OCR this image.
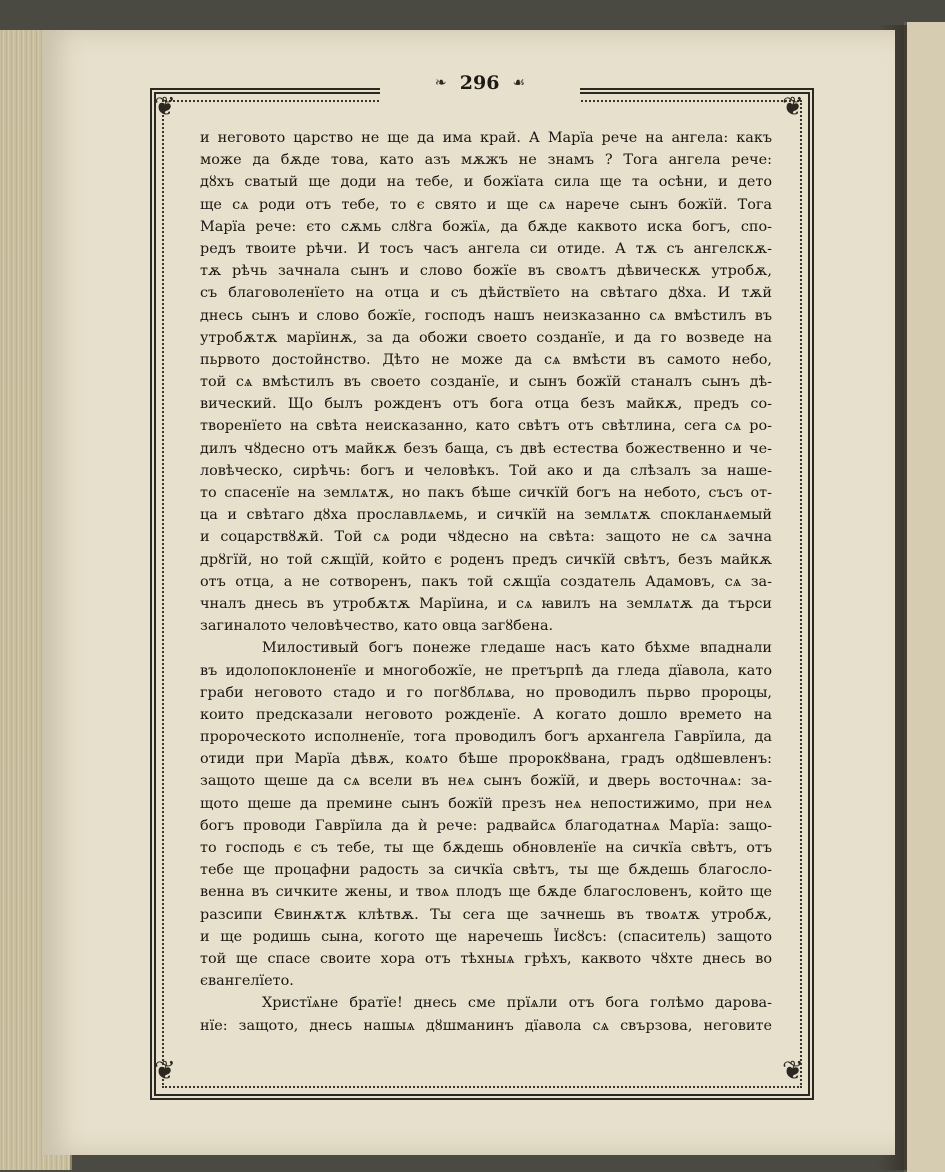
❦	❦
❦	❦
❧ 296 ☙
и неговото царство не ще да има край. А Марïа рече на ангела: какъ
може да бѫде това, като азъ мѫжъ не знамъ ? Тога ангела рече:
дȣхъ сватый ще доди на тебе, и божïата сила ще та осѣни, и дето
ще сѧ роди отъ тебе, то є свято и ще сѧ нарече сынъ божïй. Тога
Марïа рече: єто сѫмь слȣга божïѧ, да бѫде каквото иска богъ, спо-
редъ твоите рѣчи. И тосъ часъ ангела си отиде. А тѫ съ ангелскѫ-
тѫ рѣчь зачнала сынъ и слово божïе въ своѧтъ дѣвическѫ утробѫ,
съ благоволенïето на отца и съ дѣйствïето на свѣтаго дȣха. И тѫй
днесь сынъ и слово божïе, господъ нашъ неизказанно сѧ вмѣстилъ въ
утробѫтѫ марïинѫ, за да обожи своето созданïе, и да го возведе на
пьрвото достойнство. Дѣто не може да сѧ вмѣсти въ самото небо,
той сѧ вмѣстилъ въ своето созданïе, и сынъ божïй станалъ сынъ дѣ-
вический. Що былъ рожденъ отъ бога отца безъ майкѫ, предъ со-
твоpенïето на свѣта неисказанно, като свѣтъ отъ свѣтлина, сега сѧ ро-
дилъ чȣдесно отъ майкѫ безъ баща, съ двѣ естества божественно и че-
ловѣческо, сирѣчь: богъ и человѣкъ. Той ако и да слѣзалъ за наше-
то спасенïе на землѧтѫ, но пакъ бѣше сичкïй богъ на небото, съсъ от-
ца и свѣтаго дȣха прославлѧемь, и сичкïй на землѧтѫ спокланѧемый
и соцарствȣѫй. Той сѧ роди чȣдесно на свѣта: защото не сѧ зачна
дрȣгïй, но той сѫщïй, който є роденъ предъ сичкïй свѣтъ, безъ майкѫ
отъ отца, а не сотворенъ, пакъ той сѫщïа создатель Адамовъ, сѧ за-
чналъ днесь въ утробѫтѫ Марïина, и сѧ ꙗвилъ на землѧтѫ да търси
загиналото человѣчество, като овца загȣбена.
Милостивый богъ понеже гледаше насъ като бѣхме впаднали
въ идолопоклоненïе и многобожïе, не претърпѣ да гледа дïавола, като
граби неговото стадо и го погȣблѧва, но проводилъ пьрво пророцы,
които предсказали неговото рожденïе. А когато дошло времето на
пророческото исполненïе, тога проводилъ богъ архангела Гаврïила, да
отиди при Марïа дѣвѫ, коѧто бѣше пророкȣвана, градъ одȣшевленъ:
защото щеше да сѧ всели въ неѧ сынъ божïй, и дверь восточнаѧ: за-
щото щеше да премине сынъ божïй презъ неѧ непостижимо, при неѧ
богъ проводи Гаврïила да ѝ рече: радвайсѧ благодатнаѧ Марïа: защо-
то господь є съ тебе, ты ще бѫдешь обновленïе на сичкïа свѣтъ, отъ
тебе ще процафни радость за сичкïа свѣтъ, ты ще бѫдешь благосло-
венна въ сичките жены, и твоѧ плодъ ще бѫде благословенъ, който ще
разсипи Євинѫтѫ клѣтвѫ. Ты сега ще зачнешь въ твоѧтѫ утробѫ,
и ще родишь сына, когото ще наречешь Ïисȣсъ: (спаситель) защото
той ще спасе своите хора отъ тѣхныѧ грѣхъ, каквото чȣхте днесь во
євангелïето.
Христïѧне братïе! днесь сме прïѧли отъ бога голѣмо дарова-
нïе: защото, днесь нашыѧ дȣшманинъ дïавола сѧ свързова, неговите
